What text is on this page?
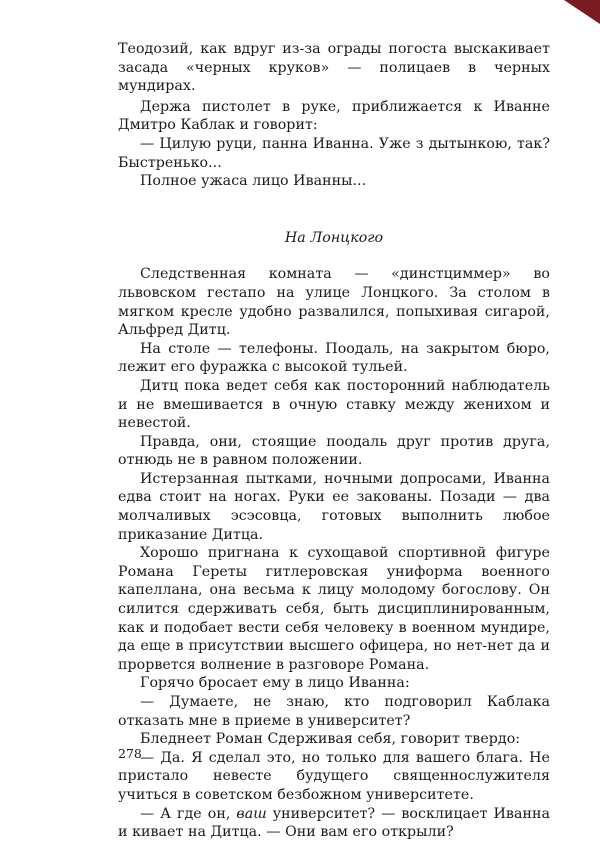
Теодозий, как вдруг из-за ограды погоста выскакивает засада «черных круков» — полицаев в черных мундирах.

Держа пистолет в руке, приближается к Иванне Дмитро Каблак и говорит:

— Цилую руци, панна Иванна. Уже з дытынкою, так? Быстренько...

Полное ужаса лицо Иванны...

На Лонцкого

Следственная комната — «динстциммер» во львовском гестапо на улице Лонцкого. За столом в мягком кресле удобно развалился, попыхивая сигарой, Альфред Дитц.

На столе — телефоны. Поодаль, на закрытом бюро, лежит его фуражка с высокой тульей.

Дитц пока ведет себя как посторонний наблюдатель и не вмешивается в очную ставку между женихом и невестой.

Правда, они, стоящие поодаль друг против друга, отнюдь не в равном положении.

Истерзанная пытками, ночными допросами, Иванна едва стоит на ногах. Руки ее закованы. Позади — два молчаливых эсэсовца, готовых выполнить любое приказание Дитца.

Хорошо пригнана к сухощавой спортивной фигуре Романа Гереты гитлеровская униформа военного капеллана, она весьма к лицу молодому богослову. Он силится сдерживать себя, быть дисциплинированным, как и подобает вести себя человеку в военном мундире, да еще в присутствии высшего офицера, но нет-нет да и прорвется волнение в разговоре Романа.

Горячо бросает ему в лицо Иванна:

— Думаете, не знаю, кто подговорил Каблака отказать мне в приеме в университет?

Бледнеет Роман Сдерживая себя, говорит твердо:

— Да. Я сделал это, но только для вашего блага. Не пристало невесте будущего священнослужителя учиться в советском безбожном университете.

— А где он, ваш университет? — восклицает Иванна и кивает на Дитца. — Они вам его открыли?

278
